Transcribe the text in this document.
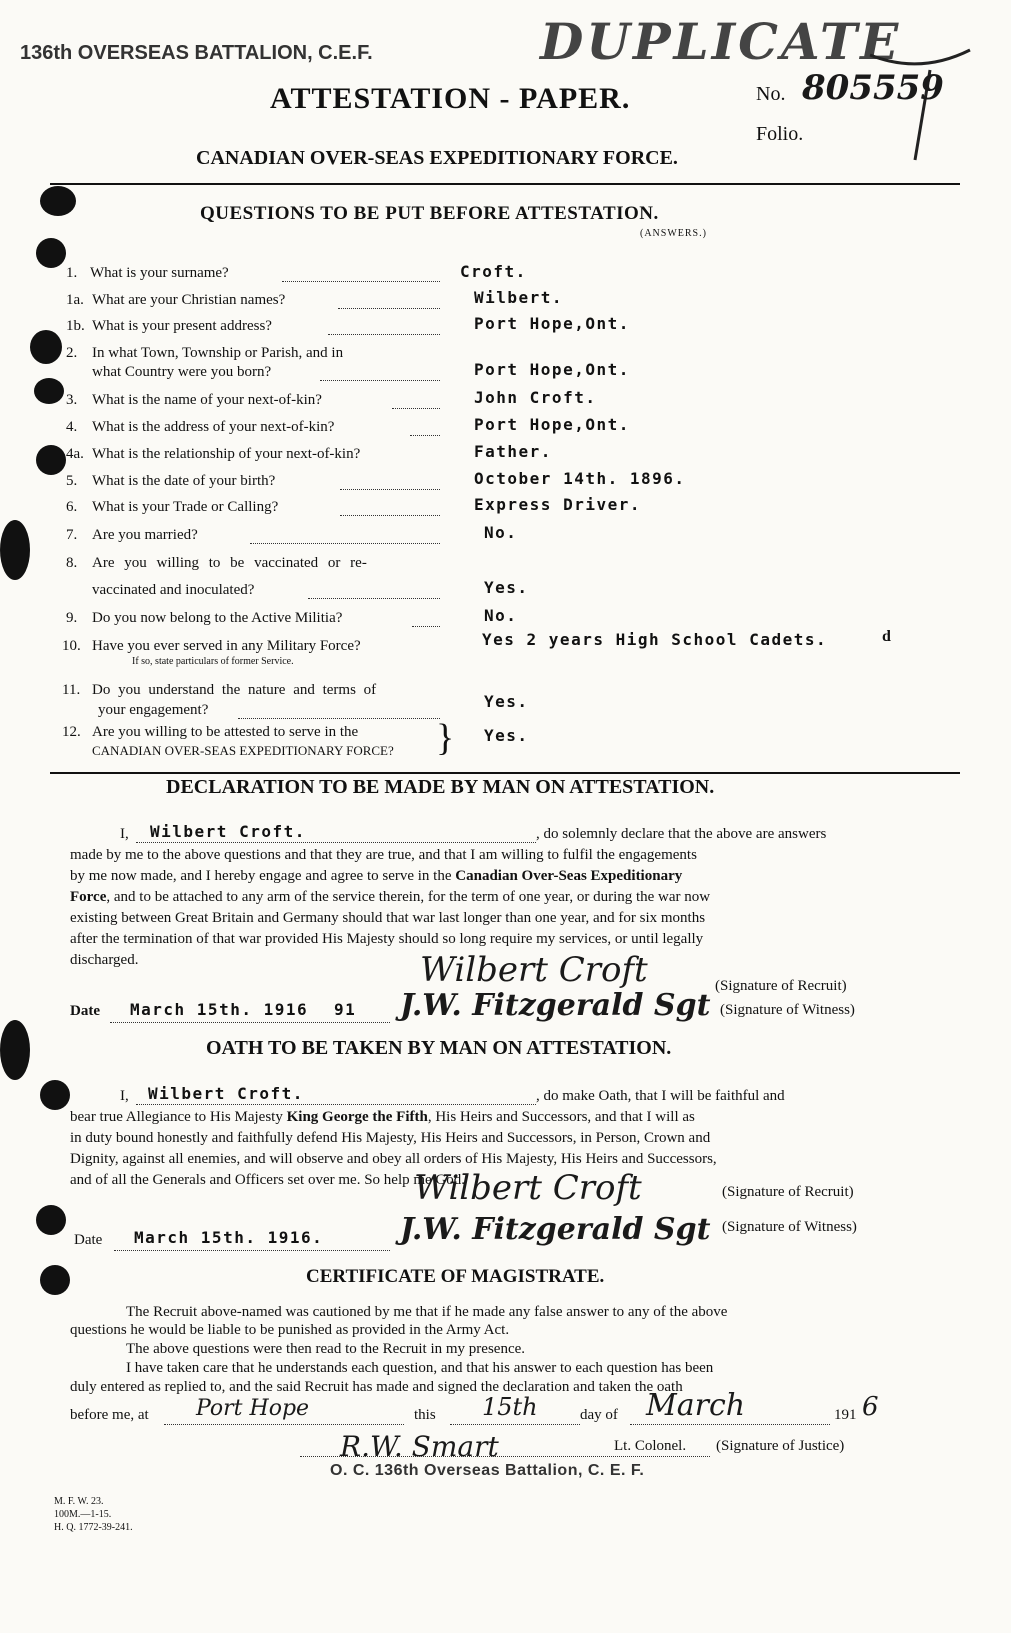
136th OVERSEAS BATTALION, C.E.F.	DUPLICATE
ATTESTATION - PAPER.	No. 805559
Folio.
CANADIAN OVER-SEAS EXPEDITIONARY FORCE.
QUESTIONS TO BE PUT BEFORE ATTESTATION.
(ANSWERS.)
1. What is your surname?	Croft.
1a. What are your Christian names?	Wilbert.
1b. What is your present address?	Port Hope,Ont.
2. In what Town, Township or Parish, and in
what Country were you born?	Port Hope,Ont.
3. What is the name of your next-of-kin?	John Croft.
4. What is the address of your next-of-kin?	Port Hope,Ont.
4a. What is the relationship of your next-of-kin?	Father.
5. What is the date of your birth?	October 14th. 1896.
6. What is your Trade or Calling?	Express Driver.
7. Are you married?	No.
8. Are you willing to be vaccinated or re-
vaccinated and inoculated?	Yes.
9. Do you now belong to the Active Militia?	No.
10. Have you ever served in any Military Force?
If so, state particulars of former Service.
Yes 2 years High School Cadets.	d
11. Do you understand the nature and terms of
your engagement?	Yes.
12. Are you willing to be attested to serve in the
CANADIAN OVER-SEAS EXPEDITIONARY FORCE? } Yes.
DECLARATION TO BE MADE BY MAN ON ATTESTATION.
I, Wilbert Croft.	, do solemnly declare that the above are answers
made by me to the above questions and that they are true, and that I am willing to fulfil the engagements
by me now made, and I hereby engage and agree to serve in the Canadian Over-Seas Expeditionary
Force, and to be attached to any arm of the service therein, for the term of one year, or during the war now
existing between Great Britain and Germany should that war last longer than one year, and for six months
after the termination of that war provided His Majesty should so long require my services, or until legally
discharged.	Wilbert Croft	(Signature of Recruit)
Date March 15th. 1916 91 J.W. Fitzgerald Sgt (Signature of Witness)
OATH TO BE TAKEN BY MAN ON ATTESTATION.
I, Wilbert Croft.	, do make Oath, that I will be faithful and
bear true Allegiance to His Majesty King George the Fifth, His Heirs and Successors, and that I will as
in duty bound honestly and faithfully defend His Majesty, His Heirs and Successors, in Person, Crown and
Dignity, against all enemies, and will observe and obey all orders of His Majesty, His Heirs and Successors,
and of all the Generals and Officers set over me. So help me God.
Wilbert Croft	(Signature of Recruit)
Date March 15th. 1916.	J.W. Fitzgerald Sgt (Signature of Witness)
CERTIFICATE OF MAGISTRATE.
The Recruit above-named was cautioned by me that if he made any false answer to any of the above
questions he would be liable to be punished as provided in the Army Act.
The above questions were then read to the Recruit in my presence.
I have taken care that he understands each question, and that his answer to each question has been
duly entered as replied to, and the said Recruit has made and signed the declaration and taken the oath
before me, at Port Hope	this 15th	day of March	191 6
R.W. Smart	Lt. Colonel. (Signature of Justice)
O. C. 136th Overseas Battalion, C. E. F.
M. F. W. 23.
100M.—1-15.
H. Q. 1772-39-241.
